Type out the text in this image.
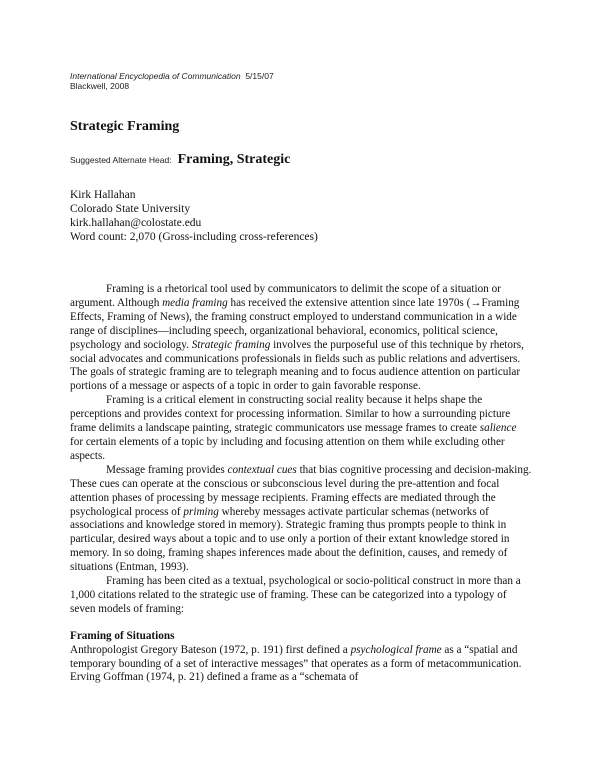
International Encyclopedia of Communication 5/15/07
Blackwell, 2008
Strategic Framing
Suggested Alternate Head: Framing, Strategic
Kirk Hallahan
Colorado State University
kirk.hallahan@colostate.edu
Word count: 2,070 (Gross-including cross-references)

Framing is a rhetorical tool used by communicators to delimit the scope of a situation or argument. Although media framing has received the extensive attention since late 1970s (→Framing Effects, Framing of News), the framing construct employed to understand communication in a wide range of disciplines—including speech, organizational behavioral, economics, political science, psychology and sociology. Strategic framing involves the purposeful use of this technique by rhetors, social advocates and communications professionals in fields such as public relations and advertisers. The goals of strategic framing are to telegraph meaning and to focus audience attention on particular portions of a message or aspects of a topic in order to gain favorable response.

Framing is a critical element in constructing social reality because it helps shape the perceptions and provides context for processing information. Similar to how a surrounding picture frame delimits a landscape painting, strategic communicators use message frames to create salience for certain elements of a topic by including and focusing attention on them while excluding other aspects.

Message framing provides contextual cues that bias cognitive processing and decision-making. These cues can operate at the conscious or subconscious level during the pre-attention and focal attention phases of processing by message recipients. Framing effects are mediated through the psychological process of priming whereby messages activate particular schemas (networks of associations and knowledge stored in memory). Strategic framing thus prompts people to think in particular, desired ways about a topic and to use only a portion of their extant knowledge stored in memory. In so doing, framing shapes inferences made about the definition, causes, and remedy of situations (Entman, 1993).

Framing has been cited as a textual, psychological or socio-political construct in more than a 1,000 citations related to the strategic use of framing. These can be categorized into a typology of seven models of framing:

Framing of Situations

Anthropologist Gregory Bateson (1972, p. 191) first defined a psychological frame as a “spatial and temporary bounding of a set of interactive messages” that operates as a form of metacommunication. Erving Goffman (1974, p. 21) defined a frame as a “schemata of
